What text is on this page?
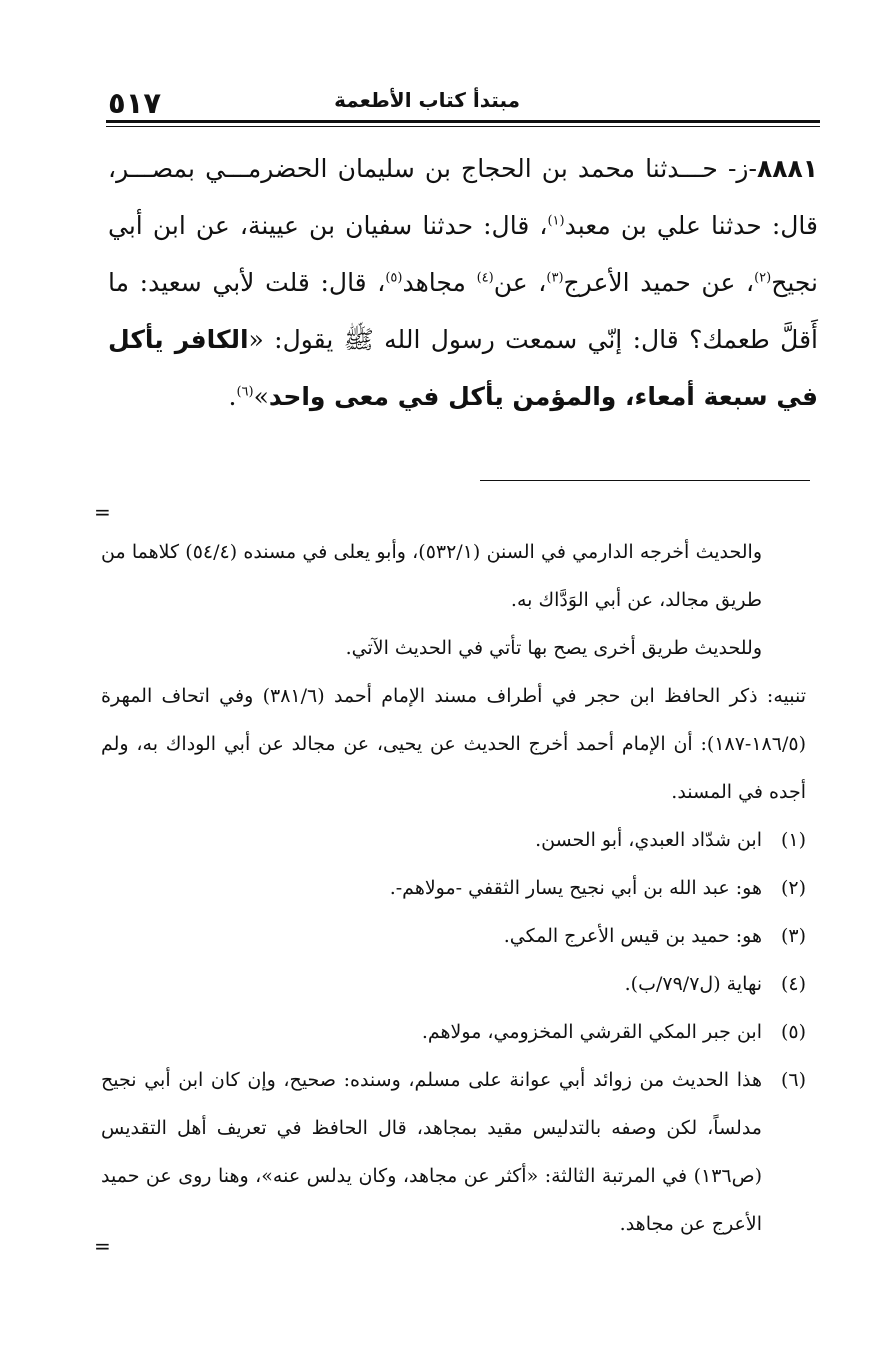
٥١٧	مبتدأ كتاب الأطعمة
٨٨٨١-ز- حـــدثنا محمد بن الحجاج بن سليمان الحضرمـــي بمصـــر، قال: حدثنا علي بن معبد$^{(١)}$، قال: حدثنا سفيان بن عيينة، عن ابن أبي نجيح$^{(٢)}$، عن حميد الأعرج$^{(٣)}$، عن$^{(٤)}$ مجاهد$^{(٥)}$، قال: قلت لأبي سعيد: ما أَقلَّ طعمك؟ قال: إنّي سمعت رسول الله ﷺ يقول: «الكافر يأكل في سبعة أمعاء، والمؤمن يأكل في معى واحد»$^{(٦)}$.
=

والحديث أخرجه الدارمي في السنن (٥٣٢/١)، وأبو يعلى في مسنده (٥٤/٤) كلاهما من طريق مجالد، عن أبي الوَدَّاك به.

وللحديث طريق أخرى يصح بها تأتي في الحديث الآتي.

تنبيه: ذكر الحافظ ابن حجر في أطراف مسند الإمام أحمد (٣٨١/٦) وفي اتحاف المهرة (١٨٦/٥-١٨٧): أن الإمام أحمد أخرج الحديث عن يحيى، عن مجالد عن أبي الوداك به، ولم أجده في المسند.

(١)
ابن شدّاد العبدي، أبو الحسن.
(٢)
هو: عبد الله بن أبي نجيح يسار الثقفي -مولاهم-.
(٣)
هو: حميد بن قيس الأعرج المكي.
(٤)
نهاية (ل٧٩/٧/ب).
(٥)
ابن جبر المكي القرشي المخزومي، مولاهم.
(٦)
هذا الحديث من زوائد أبي عوانة على مسلم، وسنده: صحيح، وإن كان ابن أبي نجيح مدلساً، لكن وصفه بالتدليس مقيد بمجاهد، قال الحافظ في تعريف أهل التقديس (ص١٣٦) في المرتبة الثالثة: «أكثر عن مجاهد، وكان يدلس عنه»، وهنا روى عن حميد الأعرج عن مجاهد.
=
